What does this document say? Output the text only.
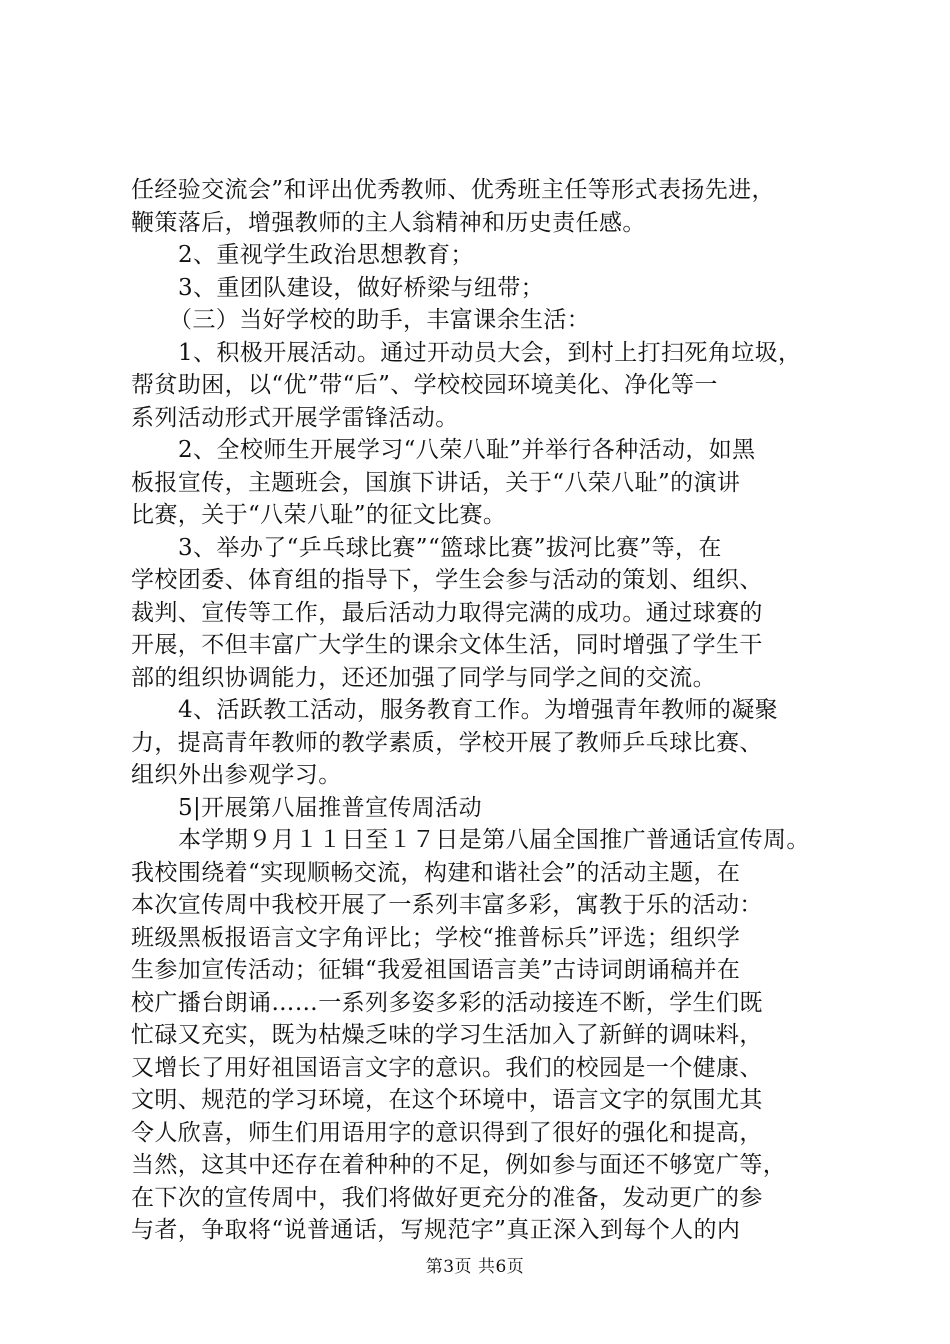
任经验交流会”和评出优秀教师、优秀班主任等形式表扬先进，
鞭策落后，增强教师的主人翁精神和历史责任感。
2、重视学生政治思想教育；
3、重团队建设，做好桥梁与纽带；
（三）当好学校的助手，丰富课余生活：
1、积极开展活动。通过开动员大会，到村上打扫死角垃圾，
帮贫助困，以“优”带“后”、学校校园环境美化、净化等一
系列活动形式开展学雷锋活动。
2、全校师生开展学习“八荣八耻”并举行各种活动，如黑
板报宣传，主题班会，国旗下讲话，关于“八荣八耻”的演讲
比赛，关于“八荣八耻”的征文比赛。
3、举办了“乒乓球比赛”“篮球比赛”拔河比赛”等，在
学校团委、体育组的指导下，学生会参与活动的策划、组织、
裁判、宣传等工作，最后活动力取得完满的成功。通过球赛的
开展，不但丰富广大学生的课余文体生活，同时增强了学生干
部的组织协调能力，还还加强了同学与同学之间的交流。
4、活跃教工活动，服务教育工作。为增强青年教师的凝聚
力，提高青年教师的教学素质，学校开展了教师乒乓球比赛、
组织外出参观学习。
5|开展第八届推普宣传周活动
本学期９月１１日至１７日是第八届全国推广普通话宣传周。
我校围绕着“实现顺畅交流，构建和谐社会”的活动主题，在
本次宣传周中我校开展了一系列丰富多彩，寓教于乐的活动：
班级黑板报语言文字角评比；学校“推普标兵”评选；组织学
生参加宣传活动；征辑“我爱祖国语言美”古诗词朗诵稿并在
校广播台朗诵……一系列多姿多彩的活动接连不断，学生们既
忙碌又充实，既为枯燥乏味的学习生活加入了新鲜的调味料，
又增长了用好祖国语言文字的意识。我们的校园是一个健康、
文明、规范的学习环境，在这个环境中，语言文字的氛围尤其
令人欣喜，师生们用语用字的意识得到了很好的强化和提高，
当然，这其中还存在着种种的不足，例如参与面还不够宽广等，
在下次的宣传周中，我们将做好更充分的准备，发动更广的参
与者，争取将“说普通话，写规范字”真正深入到每个人的内
第3页 共6页
